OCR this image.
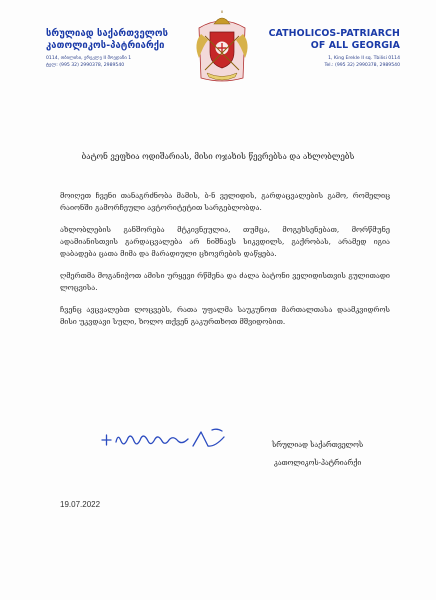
სრულიად საქართველოს
კათოლიკოს-პატრიარქი
0114, თბილისი, ერეკლე II მოედანი 1
ტელ: (995 32) 2990378, 2989540
CATHOLICOS-PATRIARCH
OF ALL GEORGIA
1, King Erekle II sq. Tbilisi 0114
Tel.: (995 32) 2990378, 2989540
ბატონ ვეფხია ოდიშარიას, მისი ოჯახის წევრებსა და ახლობლებს

მოიღეთ ჩვენი თანაგრძნობა მამის, ბ-ნ ველიდის, გარდაცვალების გამო, რომელიც რაიონში გამორჩეული ავტორიტეტით სარგებლობდა.

ახლობლების განშორება მტკივნეულია, თუმცა, მოგეხსენებათ, მორწმუნე ადამიანისთვის გარდაცვალება არ ნიშნავს სიკვდილს, გაქრობას, არამედ იგია დაბადება ცათა მიმა და მარადიული ცხოვრების დაწყება.

ღმერთმა მოგანიჭოთ ამისი ურყევი რწმენა და ძალა ბატონი ველიდისთვის გულითადი ლოცვისა.

ჩვენც ავცვალებთ ლოცვებს, რათა უფალმა საუკუნოთ მართალთასა დაამკვიდროს მისი უკვდავი სული, ხოლო თქვენ გაკურთხოთ მშვიდობით.

სრულიად საქართველოს
კათოლიკოს-პატრიარქი
19.07.2022
